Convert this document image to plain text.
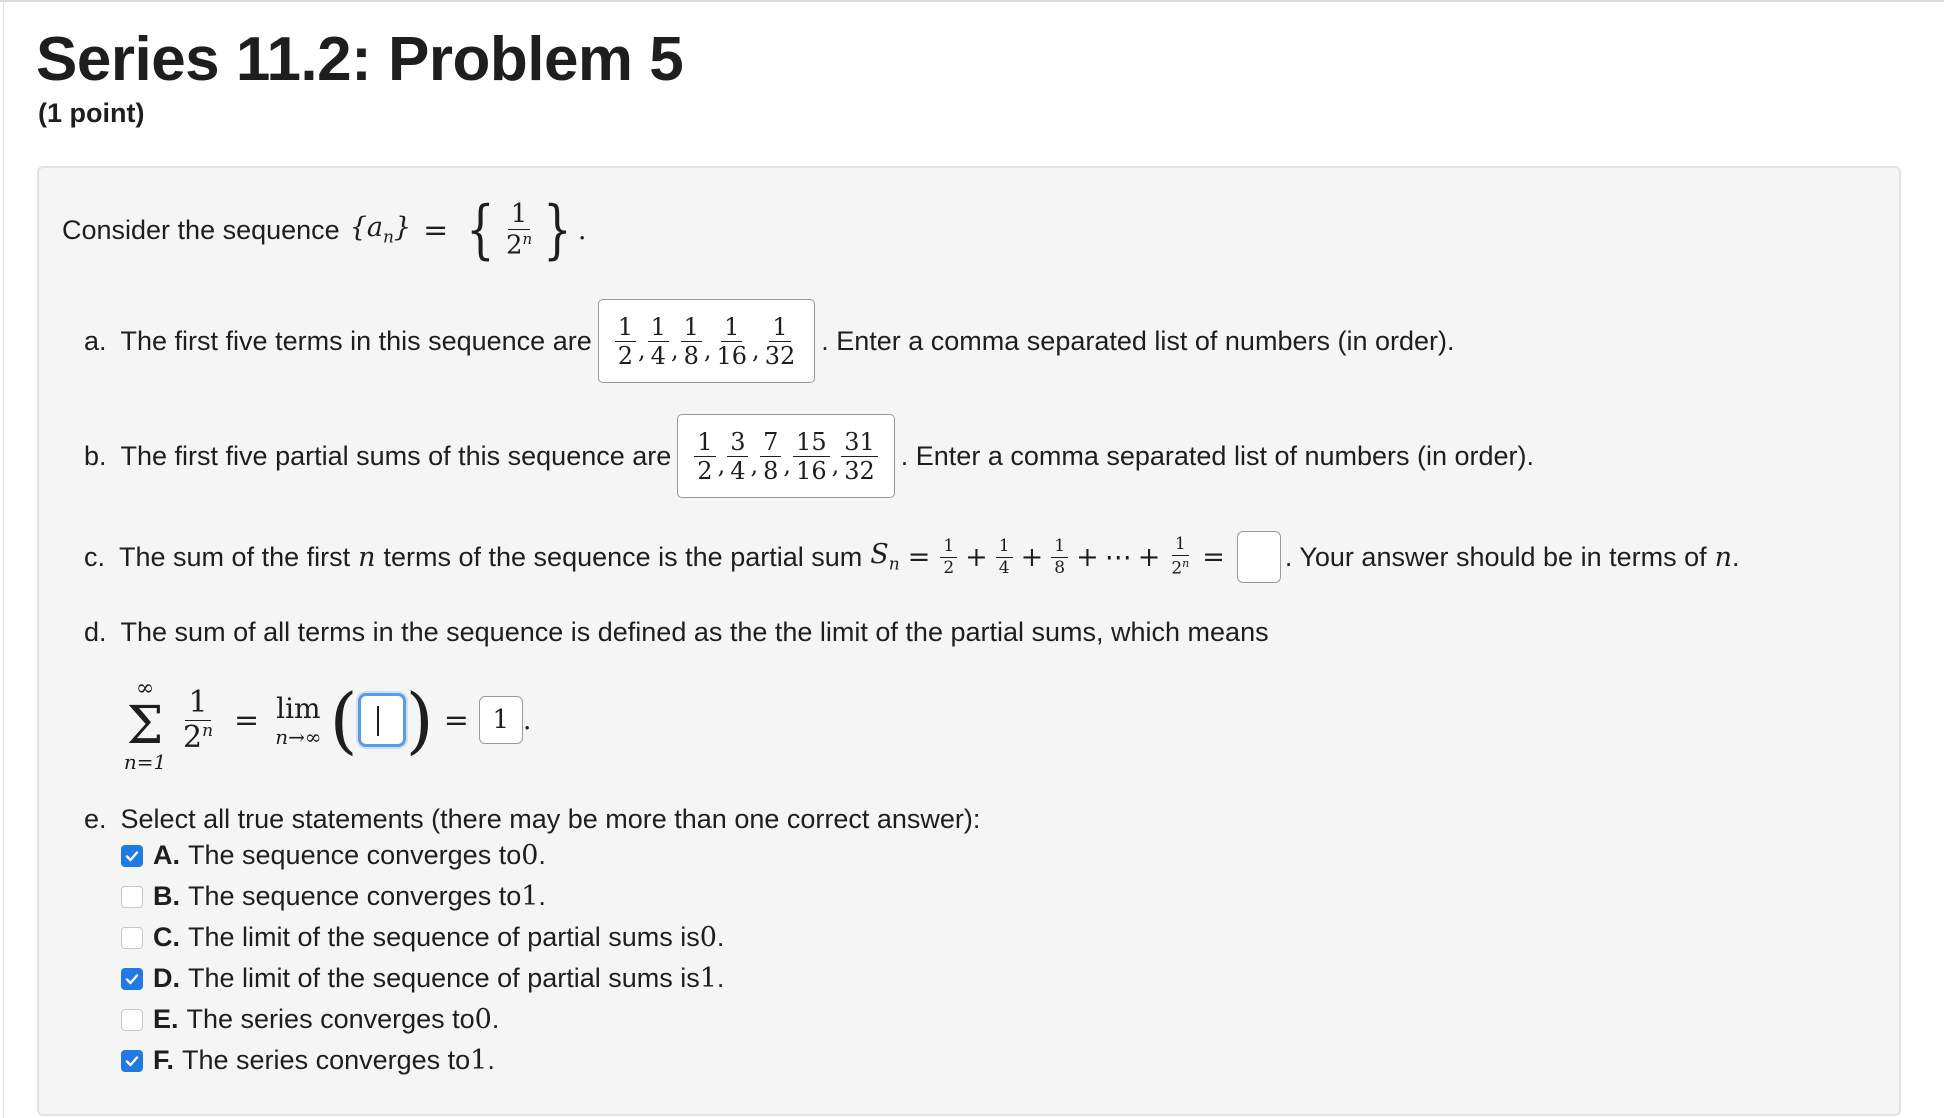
Series 11.2: Problem 5
(1 point)
Consider the sequence $\{a_n\}$ = { $\frac{1}{2^n}$ } .
a. The first five terms in this sequence are $\frac{1}{2}$ , $\frac{1}{4}$ , $\frac{1}{8}$ , $\frac{1}{16}$ , $\frac{1}{32}$ . Enter a comma separated list of numbers (in order).
b. The first five partial sums of this sequence are $\frac{1}{2}$ , $\frac{3}{4}$ , $\frac{7}{8}$ , $\frac{15}{16}$ , $\frac{31}{32}$ . Enter a comma separated list of numbers (in order).
c. The sum of the first n terms of the sequence is the partial sum $S_n = \frac{1}{2} + \frac{1}{4} + \frac{1}{8}$ + ⋯ + $\frac{1}{2^n}$ = . Your answer should be in terms of n .
d. The sum of all terms in the sequence is defined as the the limit of the partial sums, which means
∞
Σ
n=1
$\frac{1}{2^n} = \lim$
n→∞ ( ) = 1 .
e. Select all true statements (there may be more than one correct answer):
A. The sequence converges to 0 .
B. The sequence converges to 1 .
C. The limit of the sequence of partial sums is 0 .
D. The limit of the sequence of partial sums is 1 .
E. The series converges to 0 .
F. The series converges to 1 .
